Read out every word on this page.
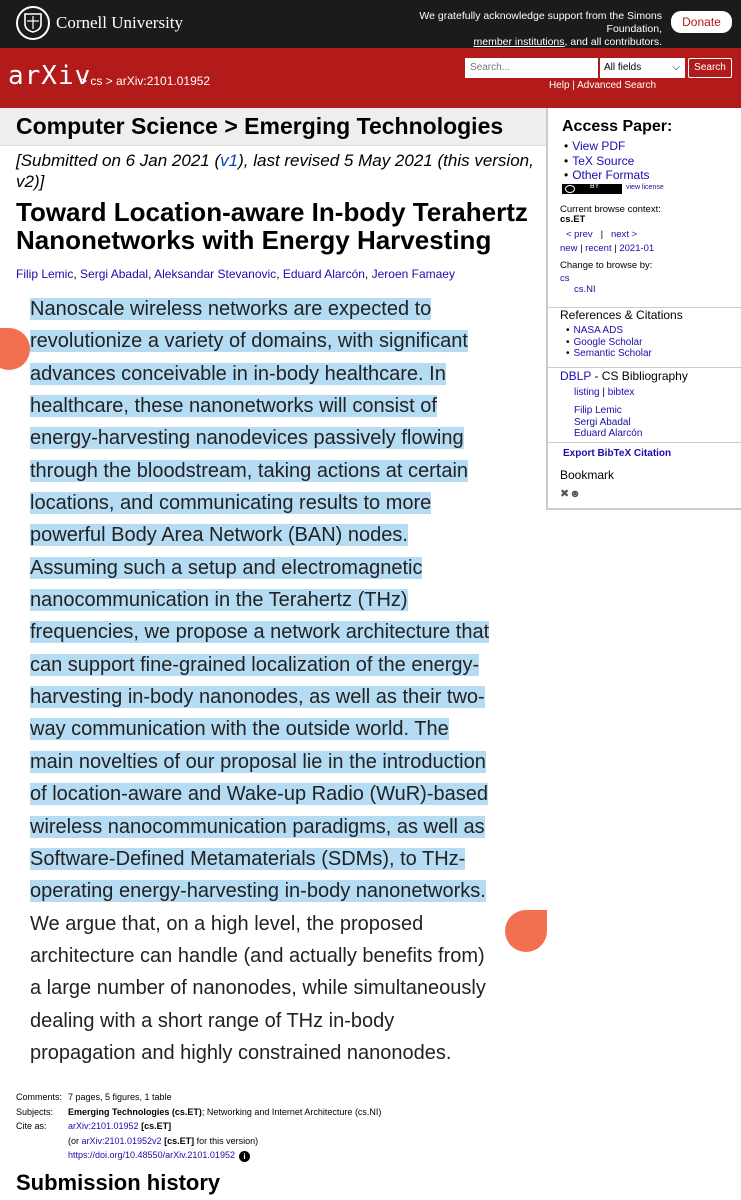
Cornell University	We gratefully acknowledge support from the Simons Foundation,
member institutions, and all contributors.
Donate
arXiv
> cs > arXiv:2101.01952
Search...	All fields	⌵	Search
Help | Advanced Search
Computer Science > Emerging Technologies
[Submitted on 6 Jan 2021 (v1), last revised 5 May 2021 (this version, v2)]
Toward Location-aware In-body Terahertz Nanonetworks with Energy Harvesting
Filip Lemic, Sergi Abadal, Aleksandar Stevanovic, Eduard Alarcón, Jeroen Famaey
Nanoscale wireless networks are expected to
revolutionize a variety of domains, with significant
advances conceivable in in-body healthcare. In
healthcare, these nanonetworks will consist of
energy-harvesting nanodevices passively flowing
through the bloodstream, taking actions at certain
locations, and communicating results to more
powerful Body Area Network (BAN) nodes.
Assuming such a setup and electromagnetic
nanocommunication in the Terahertz (THz)
frequencies, we propose a network architecture that
can support fine-grained localization of the energy-
harvesting in-body nanonodes, as well as their two-
way communication with the outside world. The
main novelties of our proposal lie in the introduction
of location-aware and Wake-up Radio (WuR)-based
wireless nanocommunication paradigms, as well as
Software-Defined Metamaterials (SDMs), to THz-
operating energy-harvesting in-body nanonetworks.
We argue that, on a high level, the proposed
architecture can handle (and actually benefits from)
a large number of nanonodes, while simultaneously
dealing with a short range of THz in-body
propagation and highly constrained nanonodes.
Comments: 7 pages, 5 figures, 1 table
Subjects:	Emerging Technologies (cs.ET); Networking and Internet Architecture (cs.NI)
Cite as:	arXiv:2101.01952 [cs.ET]
(or arXiv:2101.01952v2 [cs.ET] for this version)
https://doi.org/10.48550/arXiv.2101.01952 i
Submission history
Access Paper:
• View PDF
• TeX Source
• Other Formats
BY	view license
Current browse context:
cs.ET
< prev   |   next >
new | recent | 2021-01
Change to browse by:
cs
cs.NI
References & Citations
• NASA ADS
• Google Scholar
• Semantic Scholar
DBLP - CS Bibliography
listing | bibtex
Filip Lemic
Sergi Abadal
Eduard Alarcón
Export BibTeX Citation
Bookmark
✖☻
